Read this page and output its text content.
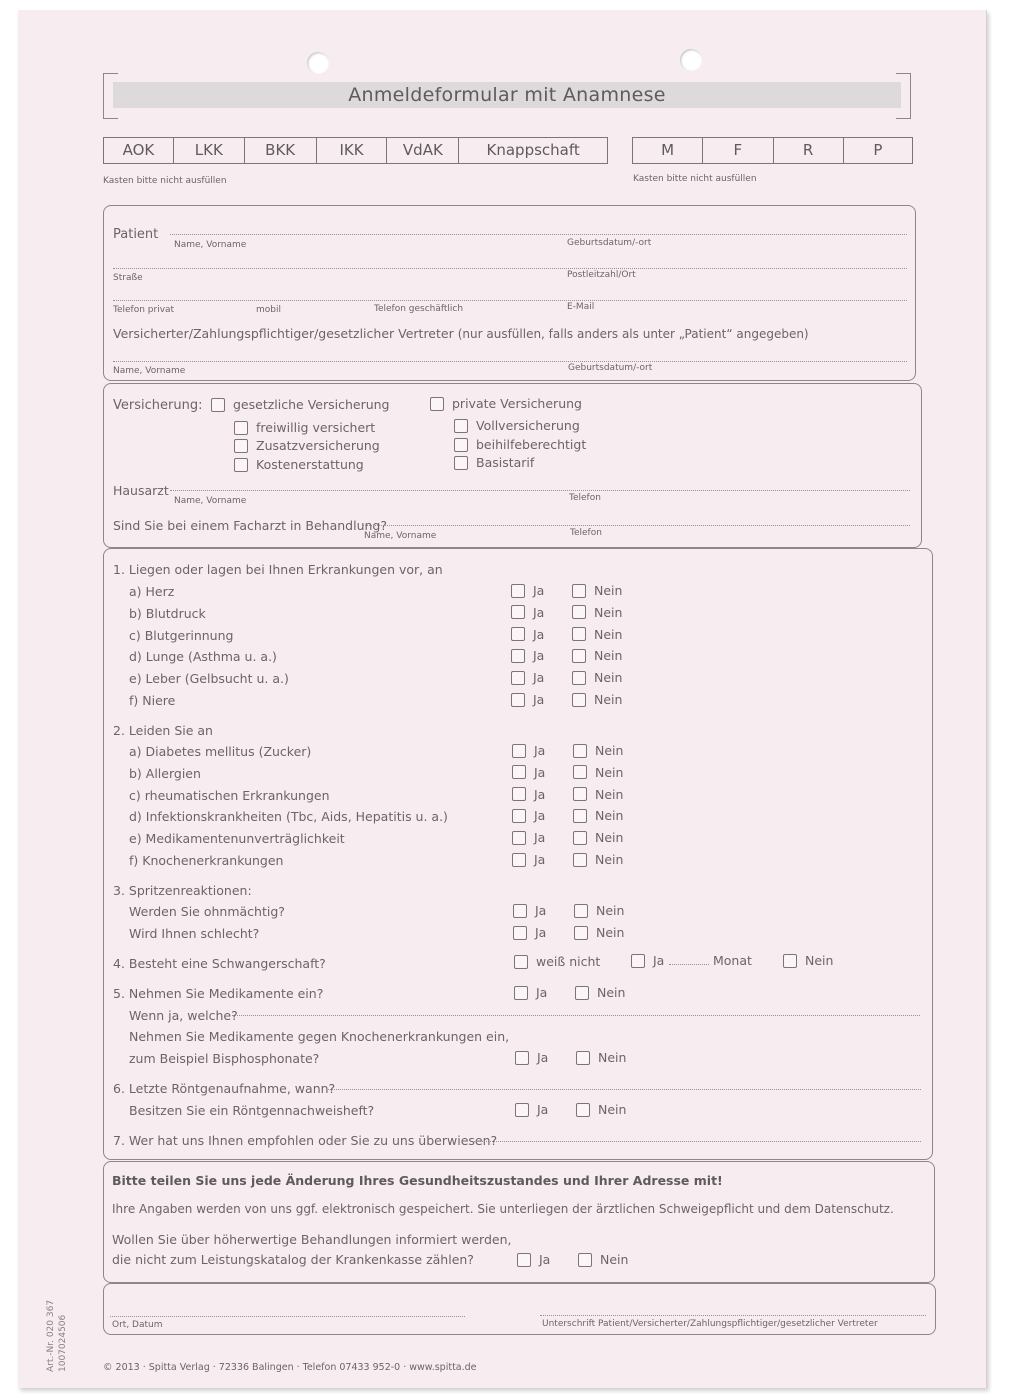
Anmeldeformular mit Anamnese
AOK	LKK	BKK	IKK	VdAK	Knappschaft
Kasten bitte nicht ausfüllen
M	F	R	P
Kasten bitte nicht ausfüllen
Patient
Name, Vorname	Geburtsdatum/-ort
Straße	Postleitzahl/Ort
Telefon privat	mobil	Telefon geschäftlich	E-Mail
Versicherter/Zahlungspflichtiger/gesetzlicher Vertreter (nur ausfüllen, falls anders als unter „Patient“ angegeben)
Name, Vorname	Geburtsdatum/-ort
Versicherung:	gesetzliche Versicherung
freiwillig versichert
Zusatzversicherung
Kostenerstattung
private Versicherung
Vollversicherung
beihilfeberechtigt
Basistarif
Hausarzt
Name, Vorname	Telefon
Sind Sie bei einem Facharzt in Behandlung?
Name, Vorname	Telefon
1. Liegen oder lagen bei Ihnen Erkrankungen vor, an
a) Herz	Ja	Nein
b) Blutdruck	Ja	Nein
c) Blutgerinnung	Ja	Nein
d) Lunge (Asthma u. a.)	Ja	Nein
e) Leber (Gelbsucht u. a.)	Ja	Nein
f) Niere	Ja	Nein
2. Leiden Sie an
a) Diabetes mellitus (Zucker)	Ja	Nein
b) Allergien	Ja	Nein
c) rheumatischen Erkrankungen	Ja	Nein
d) Infektionskrankheiten (Tbc, Aids, Hepatitis u. a.)	Ja	Nein
e) Medikamentenunverträglichkeit	Ja	Nein
f) Knochenerkrankungen	Ja	Nein
3. Spritzenreaktionen:
Werden Sie ohnmächtig?	Ja	Nein
Wird Ihnen schlecht?	Ja	Nein
4. Besteht eine Schwangerschaft?	weiß nicht	Ja	Monat	Nein
5. Nehmen Sie Medikamente ein?	Ja	Nein
Wenn ja, welche?
Nehmen Sie Medikamente gegen Knochenerkrankungen ein,
zum Beispiel Bisphosphonate?	Ja	Nein
6. Letzte Röntgenaufnahme, wann?
Besitzen Sie ein Röntgennachweisheft?	Ja	Nein
7. Wer hat uns Ihnen empfohlen oder Sie zu uns überwiesen?
Bitte teilen Sie uns jede Änderung Ihres Gesundheitszustandes und Ihrer Adresse mit!
Ihre Angaben werden von uns ggf. elektronisch gespeichert. Sie unterliegen der ärztlichen Schweigepflicht und dem Datenschutz.
Wollen Sie über höherwertige Behandlungen informiert werden,
die nicht zum Leistungskatalog der Krankenkasse zählen?	Ja	Nein
Ort, Datum	Unterschrift Patient/Versicherter/Zahlungspflichtiger/gesetzlicher Vertreter
© 2013 · Spitta Verlag · 72336 Balingen · Telefon 07433 952-0 · www.spitta.de
Art.-Nr. 020 367 1007024506
